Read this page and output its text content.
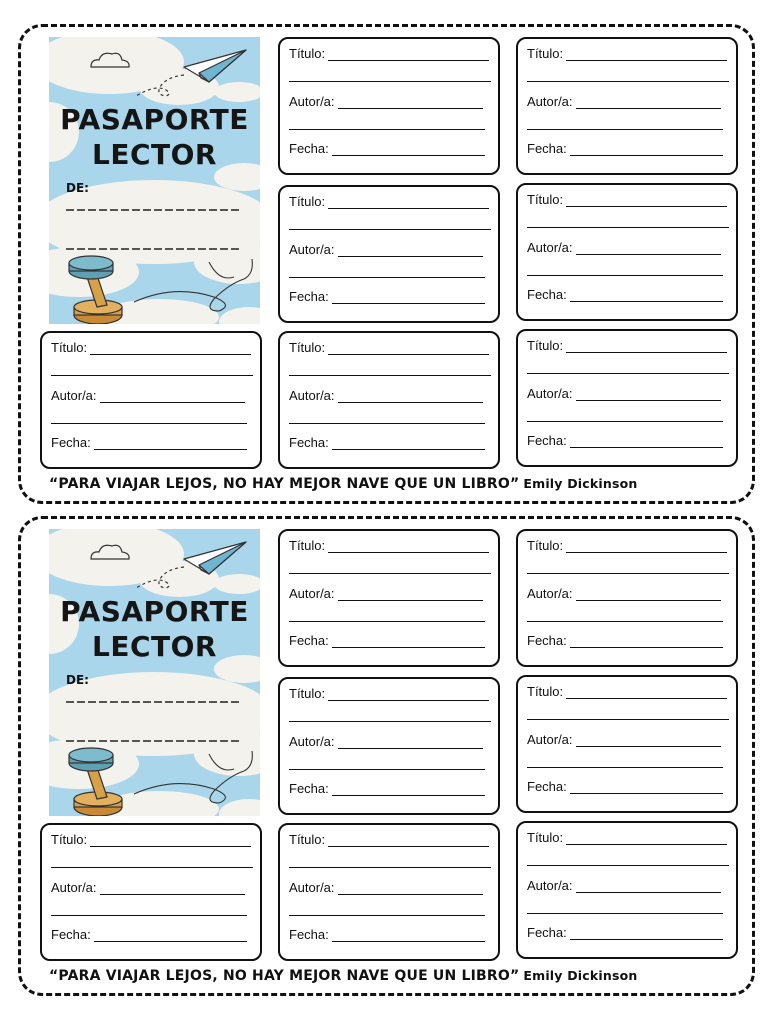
PASAPORTE
LECTOR
DE:
Título:
Autor/a:
Fecha:
Título:
Autor/a:
Fecha:
Título:
Autor/a:
Fecha:
Título:
Autor/a:
Fecha:
Título:
Autor/a:
Fecha:
Título:
Autor/a:
Fecha:
Título:
Autor/a:
Fecha:
“PARA VIAJAR LEJOS, NO HAY MEJOR NAVE QUE UN LIBRO” Emily Dickinson
PASAPORTE
LECTOR
DE:
Título:
Autor/a:
Fecha:
Título:
Autor/a:
Fecha:
Título:
Autor/a:
Fecha:
Título:
Autor/a:
Fecha:
Título:
Autor/a:
Fecha:
Título:
Autor/a:
Fecha:
Título:
Autor/a:
Fecha:
“PARA VIAJAR LEJOS, NO HAY MEJOR NAVE QUE UN LIBRO” Emily Dickinson
